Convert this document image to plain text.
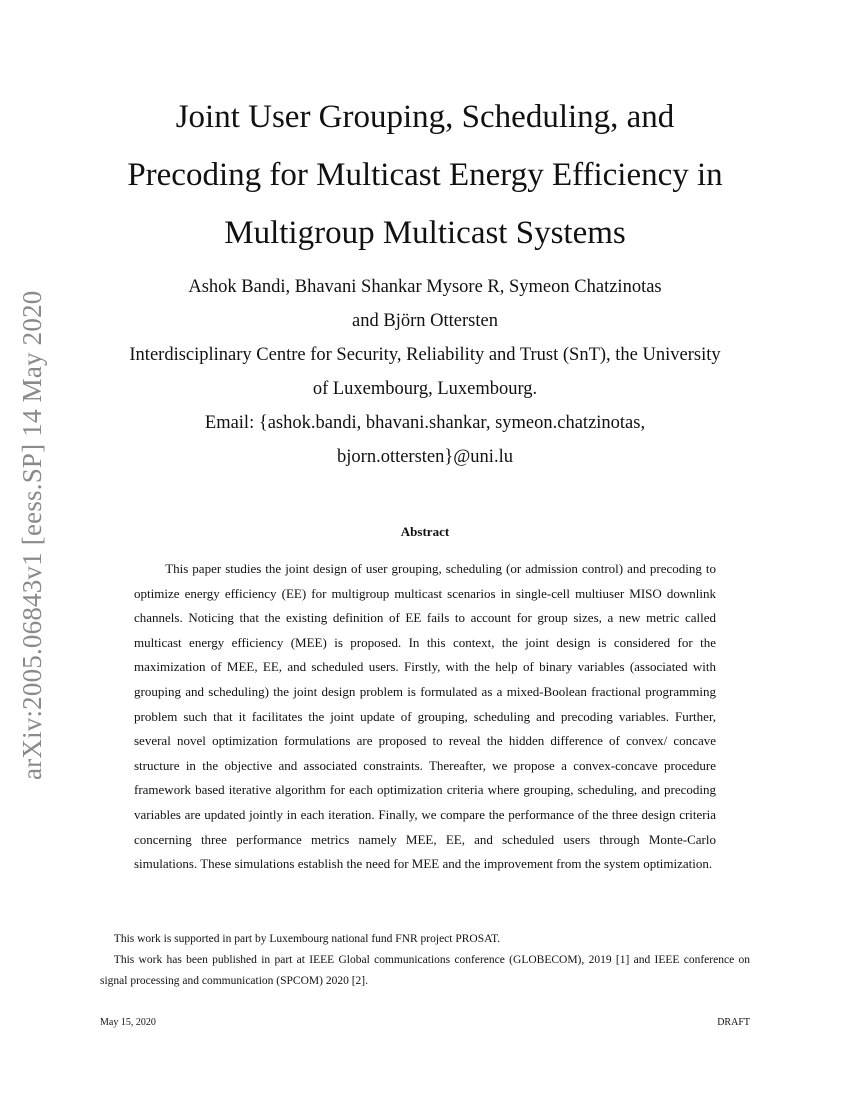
arXiv:2005.06843v1 [eess.SP] 14 May 2020
Joint User Grouping, Scheduling, and
Precoding for Multicast Energy Efficiency in
Multigroup Multicast Systems
Ashok Bandi, Bhavani Shankar Mysore R, Symeon Chatzinotas
and Björn Ottersten
Interdisciplinary Centre for Security, Reliability and Trust (SnT), the University
of Luxembourg, Luxembourg.
Email: {ashok.bandi, bhavani.shankar, symeon.chatzinotas,
bjorn.ottersten}@uni.lu
Abstract

This paper studies the joint design of user grouping, scheduling (or admission control) and precoding to optimize energy efficiency (EE) for multigroup multicast scenarios in single-cell multiuser MISO downlink channels. Noticing that the existing definition of EE fails to account for group sizes, a new metric called multicast energy efficiency (MEE) is proposed. In this context, the joint design is considered for the maximization of MEE, EE, and scheduled users. Firstly, with the help of binary variables (associated with grouping and scheduling) the joint design problem is formulated as a mixed-Boolean fractional programming problem such that it facilitates the joint update of grouping, scheduling and precoding variables. Further, several novel optimization formulations are proposed to reveal the hidden difference of convex/ concave structure in the objective and associated constraints. Thereafter, we propose a convex-concave procedure framework based iterative algorithm for each optimization criteria where grouping, scheduling, and precoding variables are updated jointly in each iteration. Finally, we compare the performance of the three design criteria concerning three performance metrics namely MEE, EE, and scheduled users through Monte-Carlo simulations. These simulations establish the need for MEE and the improvement from the system optimization.

This work is supported in part by Luxembourg national fund FNR project PROSAT.

This work has been published in part at IEEE Global communications conference (GLOBECOM), 2019 [1] and IEEE conference on signal processing and communication (SPCOM) 2020 [2].

May 15, 2020	DRAFT
